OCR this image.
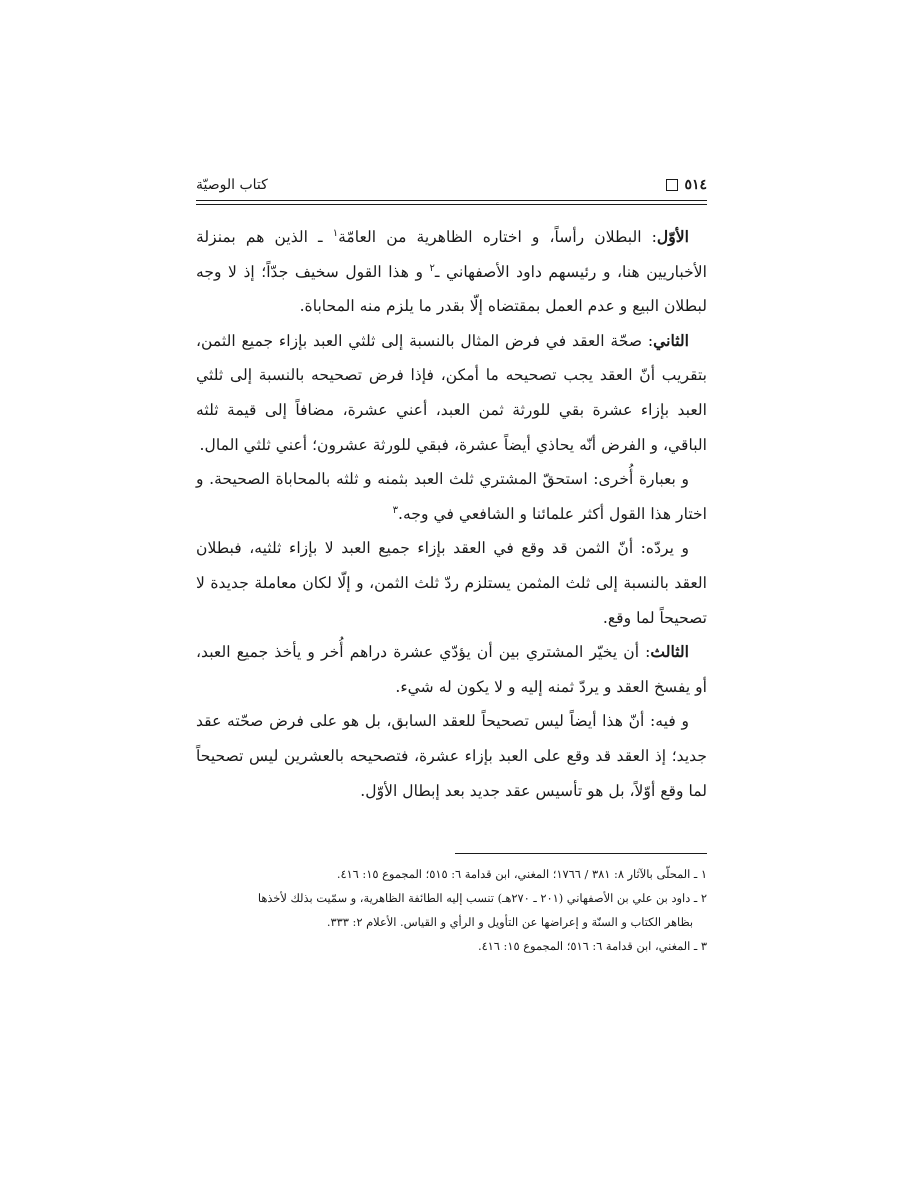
٥١٤
كتاب الوصيّة

الأوّل: البطلان رأساً، و اختاره الظاهرية من العامّة$^١$ ـ الذين هم بمنزلة الأخباريين هنا، و رئيسهم داود الأصفهاني ـ$^٢$ و هذا القول سخيف جدّاً؛ إذ لا وجه لبطلان البيع و عدم العمل بمقتضاه إلّا بقدر ما يلزم منه المحاباة.

الثاني: صحّة العقد في فرض المثال بالنسبة إلى ثلثي العبد بإزاء جميع الثمن، بتقريب أنّ العقد يجب تصحيحه ما أمكن، فإذا فرض تصحيحه بالنسبة إلى ثلثي العبد بإزاء عشرة بقي للورثة ثمن العبد، أعني عشرة، مضافاً إلى قيمة ثلثه الباقي، و الفرض أنّه يحاذي أيضاً عشرة، فبقي للورثة عشرون؛ أعني ثلثي المال.

و بعبارة أُخرى: استحقّ المشتري ثلث العبد بثمنه و ثلثه بالمحاباة الصحيحة. و اختار هذا القول أكثر علمائنا و الشافعي في وجه.$^٣$

و يردّه: أنّ الثمن قد وقع في العقد بإزاء جميع العبد لا بإزاء ثلثيه، فبطلان العقد بالنسبة إلى ثلث المثمن يستلزم ردّ ثلث الثمن، و إلّا لكان معاملة جديدة لا تصحيحاً لما وقع.

الثالث: أن يخيّر المشتري بين أن يؤدّي عشرة دراهم أُخر و يأخذ جميع العبد، أو يفسخ العقد و يردّ ثمنه إليه و لا يكون له شيء.

و فيه: أنّ هذا أيضاً ليس تصحيحاً للعقد السابق، بل هو على فرض صحّته عقد جديد؛ إذ العقد قد وقع على العبد بإزاء عشرة، فتصحيحه بالعشرين ليس تصحيحاً لما وقع أوّلاً، بل هو تأسيس عقد جديد بعد إبطال الأوّل.

١ ـ المحلّى بالآثار ٨: ٣٨١ / ١٧٦٦؛ المغني، ابن قدامة ٦: ٥١٥؛ المجموع ١٥: ٤١٦.

٢ ـ داود بن علي بن الأصفهاني (٢٠١ ـ ٢٧٠هـ) تنسب إليه الطائفة الظاهرية، و سمّيت بذلك لأخذها

بظاهر الكتاب و السنّة و إعراضها عن التأويل و الرأي و القياس. الأعلام ٢: ٣٣٣.

٣ ـ المغني، ابن قدامة ٦: ٥١٦؛ المجموع ١٥: ٤١٦.
